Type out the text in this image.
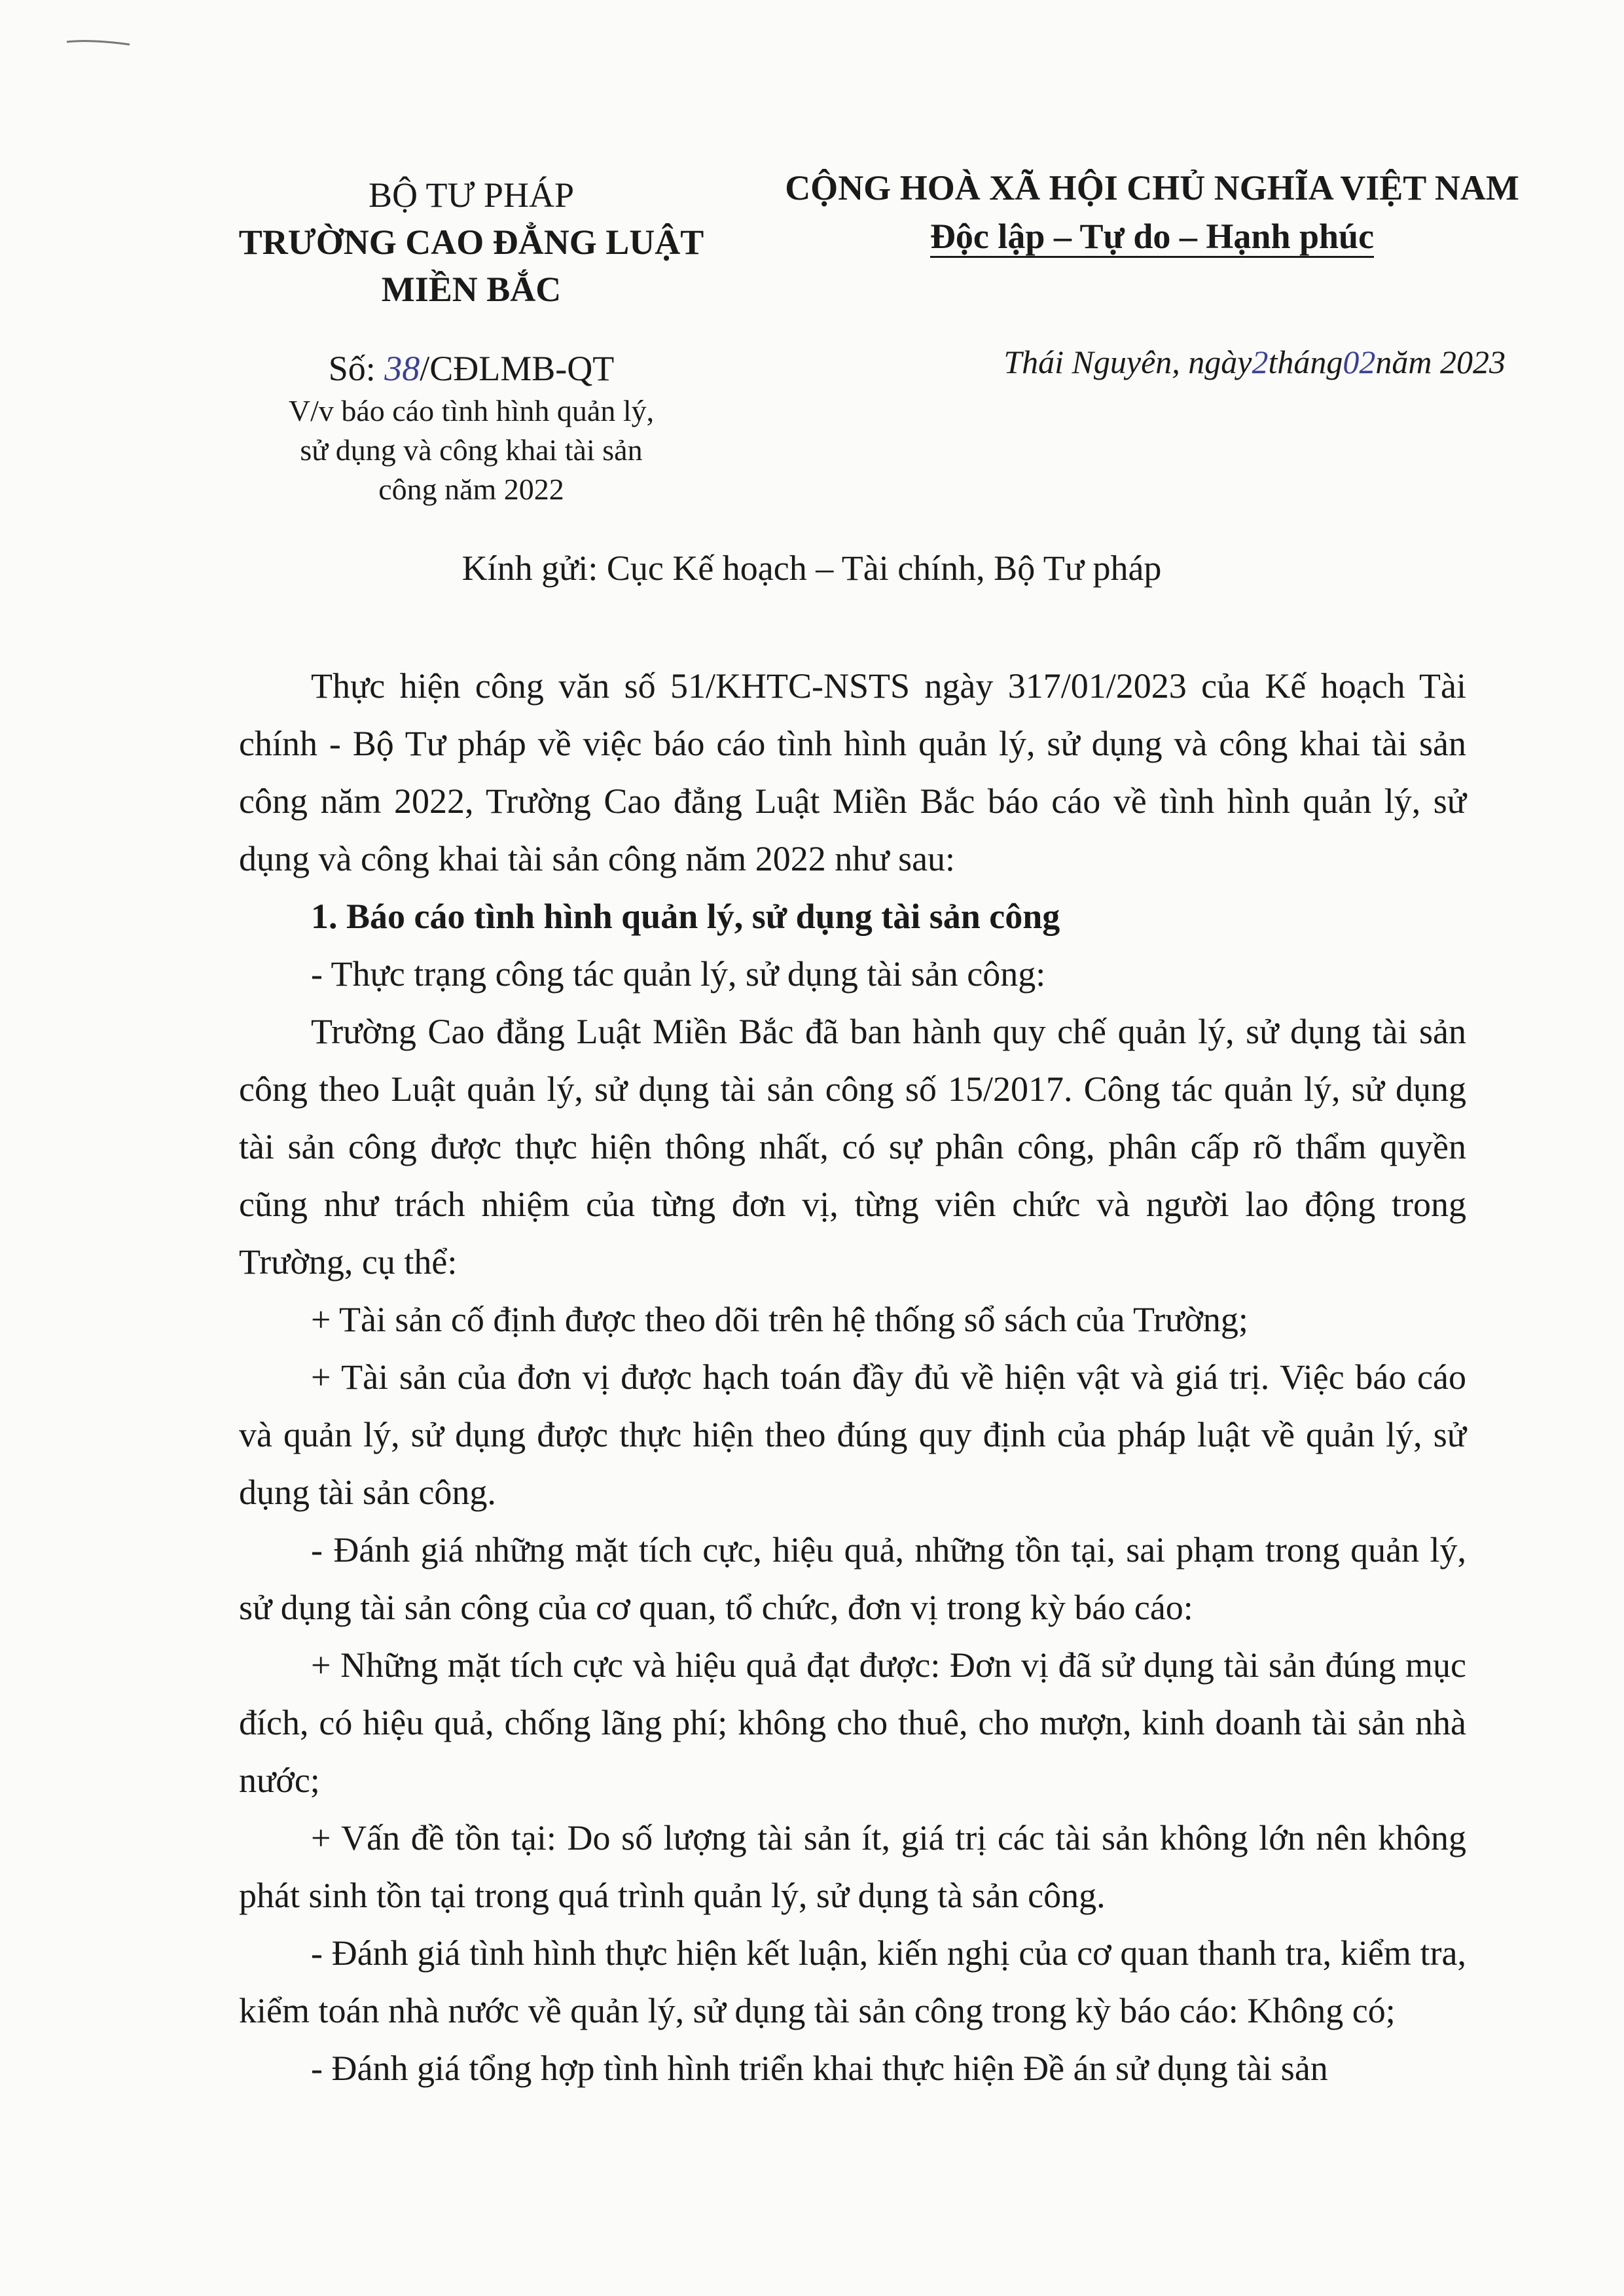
BỘ TƯ PHÁP
TRƯỜNG CAO ĐẲNG LUẬT
MIỀN BẮC
CỘNG HOÀ XÃ HỘI CHỦ NGHĨA VIỆT NAM
Độc lập – Tự do – Hạnh phúc
Số: 38/CĐLMB-QT
V/v báo cáo tình hình quản lý,
sử dụng và công khai tài sản
công năm 2022
Thái Nguyên, ngày2tháng02năm 2023
Kính gửi: Cục Kế hoạch – Tài chính, Bộ Tư pháp

Thực hiện công văn số 51/KHTC-NSTS ngày 317/01/2023 của Kế hoạch Tài chính - Bộ Tư pháp về việc báo cáo tình hình quản lý, sử dụng và công khai tài sản công năm 2022, Trường Cao đẳng Luật Miền Bắc báo cáo về tình hình quản lý, sử dụng và công khai tài sản công năm 2022 như sau:

1. Báo cáo tình hình quản lý, sử dụng tài sản công

- Thực trạng công tác quản lý, sử dụng tài sản công:

Trường Cao đẳng Luật Miền Bắc đã ban hành quy chế quản lý, sử dụng tài sản công theo Luật quản lý, sử dụng tài sản công số 15/2017. Công tác quản lý, sử dụng tài sản công được thực hiện thông nhất, có sự phân công, phân cấp rõ thẩm quyền cũng như trách nhiệm của từng đơn vị, từng viên chức và người lao động trong Trường, cụ thể:

+ Tài sản cố định được theo dõi trên hệ thống sổ sách của Trường;

+ Tài sản của đơn vị được hạch toán đầy đủ về hiện vật và giá trị. Việc báo cáo và quản lý, sử dụng được thực hiện theo đúng quy định của pháp luật về quản lý, sử dụng tài sản công.

- Đánh giá những mặt tích cực, hiệu quả, những tồn tại, sai phạm trong quản lý, sử dụng tài sản công của cơ quan, tổ chức, đơn vị trong kỳ báo cáo:

+ Những mặt tích cực và hiệu quả đạt được: Đơn vị đã sử dụng tài sản đúng mục đích, có hiệu quả, chống lãng phí; không cho thuê, cho mượn, kinh doanh tài sản nhà nước;

+ Vấn đề tồn tại: Do số lượng tài sản ít, giá trị các tài sản không lớn nên không phát sinh tồn tại trong quá trình quản lý, sử dụng tà sản công.

- Đánh giá tình hình thực hiện kết luận, kiến nghị của cơ quan thanh tra, kiểm tra, kiểm toán nhà nước về quản lý, sử dụng tài sản công trong kỳ báo cáo: Không có;

- Đánh giá tổng hợp tình hình triển khai thực hiện Đề án sử dụng tài sản
